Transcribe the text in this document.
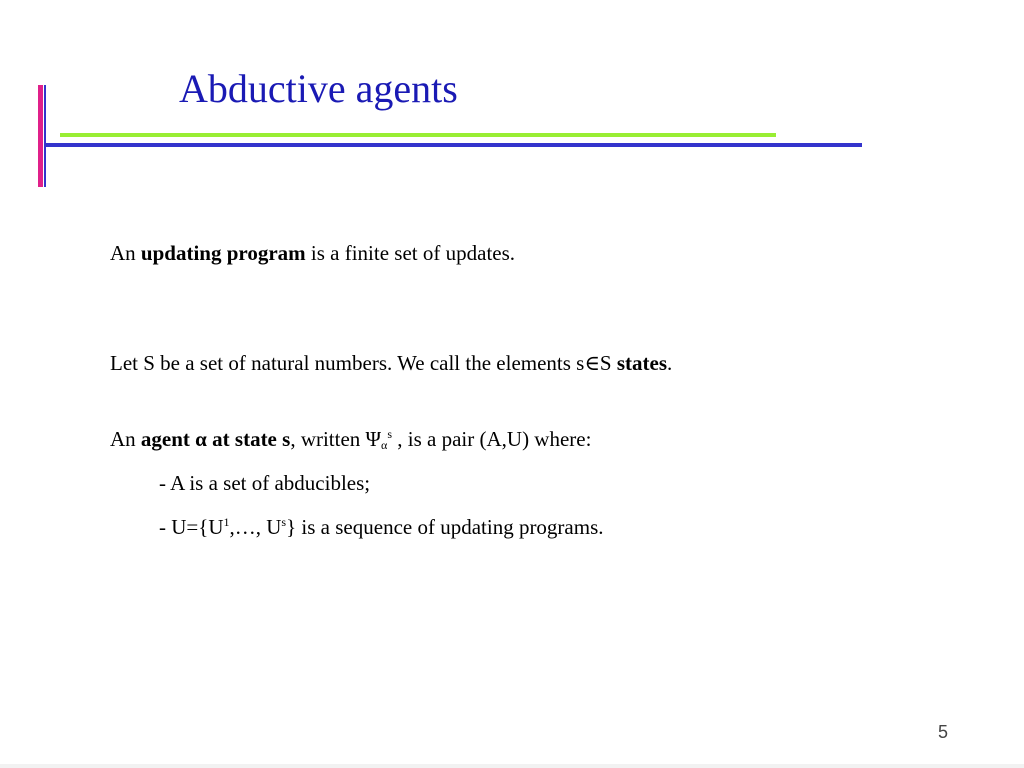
Abductive agents
An updating program is a finite set of updates.
Let S be a set of natural numbers. We call the elements s∈S states.
An agent α at state s, written $\Psi_\alpha^s$ , is a pair (A,U) where:
- A is a set of abducibles;
- $U=\{U^1,\dots$, $U^s$} is a sequence of updating programs.
5
